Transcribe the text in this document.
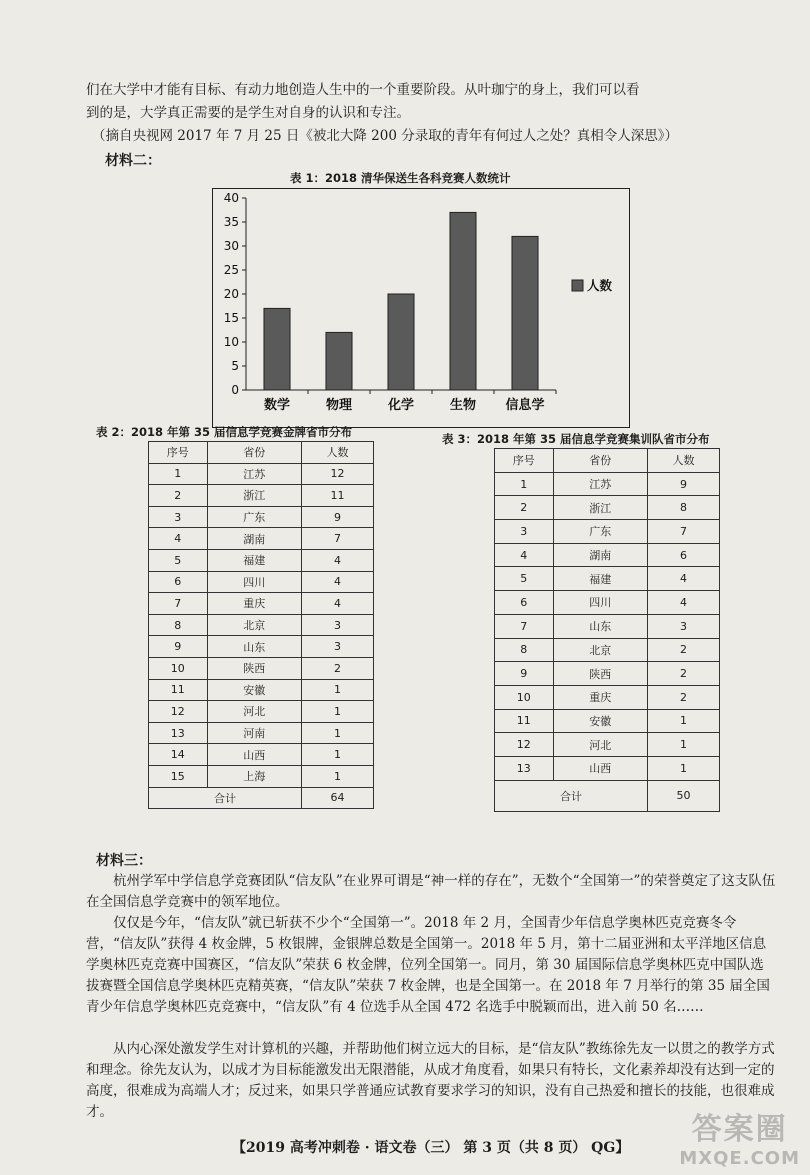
们在大学中才能有目标、有动力地创造人生中的一个重要阶段。从叶珈宁的身上，我们可以看

到的是，大学真正需要的是学生对自身的认识和专注。

（摘自央视网 2017 年 7 月 25 日《被北大降 200 分录取的青年有何过人之处？真相令人深思》）

材料二：

表 1：2018 清华保送生各科竞赛人数统计

0
5
10
15
20
25
30
35
40
数学	物理	化学	生物 信息学
人数

表 2：2018 年第 35 届信息学竞赛金牌省市分布

序号	省份	人数
1	江苏	12
2	浙江	11
3	广东	9
4	湖南	7
5	福建	4
6	四川	4
7	重庆	4
8	北京	3
9	山东	3
10	陕西	2
11	安徽	1
12	河北	1
13	河南	1
14	山西	1
15	上海	1
合计		64

表 3：2018 年第 35 届信息学竞赛集训队省市分布

序号	省份	人数
1	江苏	9
2	浙江	8
3	广东	7
4	湖南	6
5	福建	4
6	四川	4
7	山东	3
8	北京	2
9	陕西	2
10	重庆	2
11	安徽	1
12	河北	1
13	山西	1
合计		50

材料三：

杭州学军中学信息学竞赛团队“信友队”在业界可谓是“神一样的存在”，无数个“全国第一”的荣誉奠定了这支队伍在全国信息学竞赛中的领军地位。

仅仅是今年，“信友队”就已斩获不少个“全国第一”。2018 年 2 月，全国青少年信息学奥林匹克竞赛冬令营，“信友队”获得 4 枚金牌，5 枚银牌，金银牌总数是全国第一。2018 年 5 月，第十二届亚洲和太平洋地区信息学奥林匹克竞赛中国赛区，“信友队”荣获 6 枚金牌，位列全国第一。同月，第 30 届国际信息学奥林匹克中国队选拔赛暨全国信息学奥林匹克精英赛，“信友队”荣获 7 枚金牌，也是全国第一。在 2018 年 7 月举行的第 35 届全国青少年信息学奥林匹克竞赛中，“信友队”有 4 位选手从全国 472 名选手中脱颖而出，进入前 50 名……

从内心深处激发学生对计算机的兴趣，并帮助他们树立远大的目标，是“信友队”教练徐先友一以贯之的教学方式和理念。徐先友认为，以成才为目标能激发出无限潜能，从成才角度看，如果只有特长，文化素养却没有达到一定的高度，很难成为高端人才；反过来，如果只学普通应试教育要求学习的知识，没有自己热爱和擅长的技能，也很难成才。

【2019 高考冲刺卷 · 语文卷（三） 第 3 页（共 8 页） QG】
答案圈
MXQE.COM
